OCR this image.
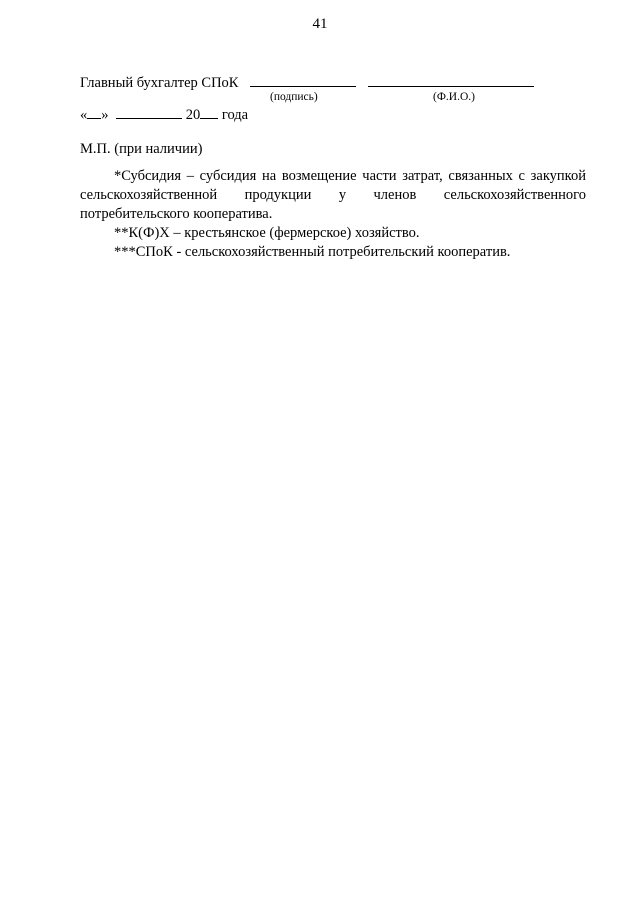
41
Главный бухгалтер СПоК
(подпись)	(Ф.И.О.)
« »	20 года
М.П. (при наличии)

*Субсидия – субсидия на возмещение части затрат, связанных с закупкой сельскохозяйственной продукции у членов сельскохозяйственного потребительского кооператива.

**К(Ф)Х – крестьянское (фермерское) хозяйство.

***СПоК - сельскохозяйственный потребительский кооператив.
